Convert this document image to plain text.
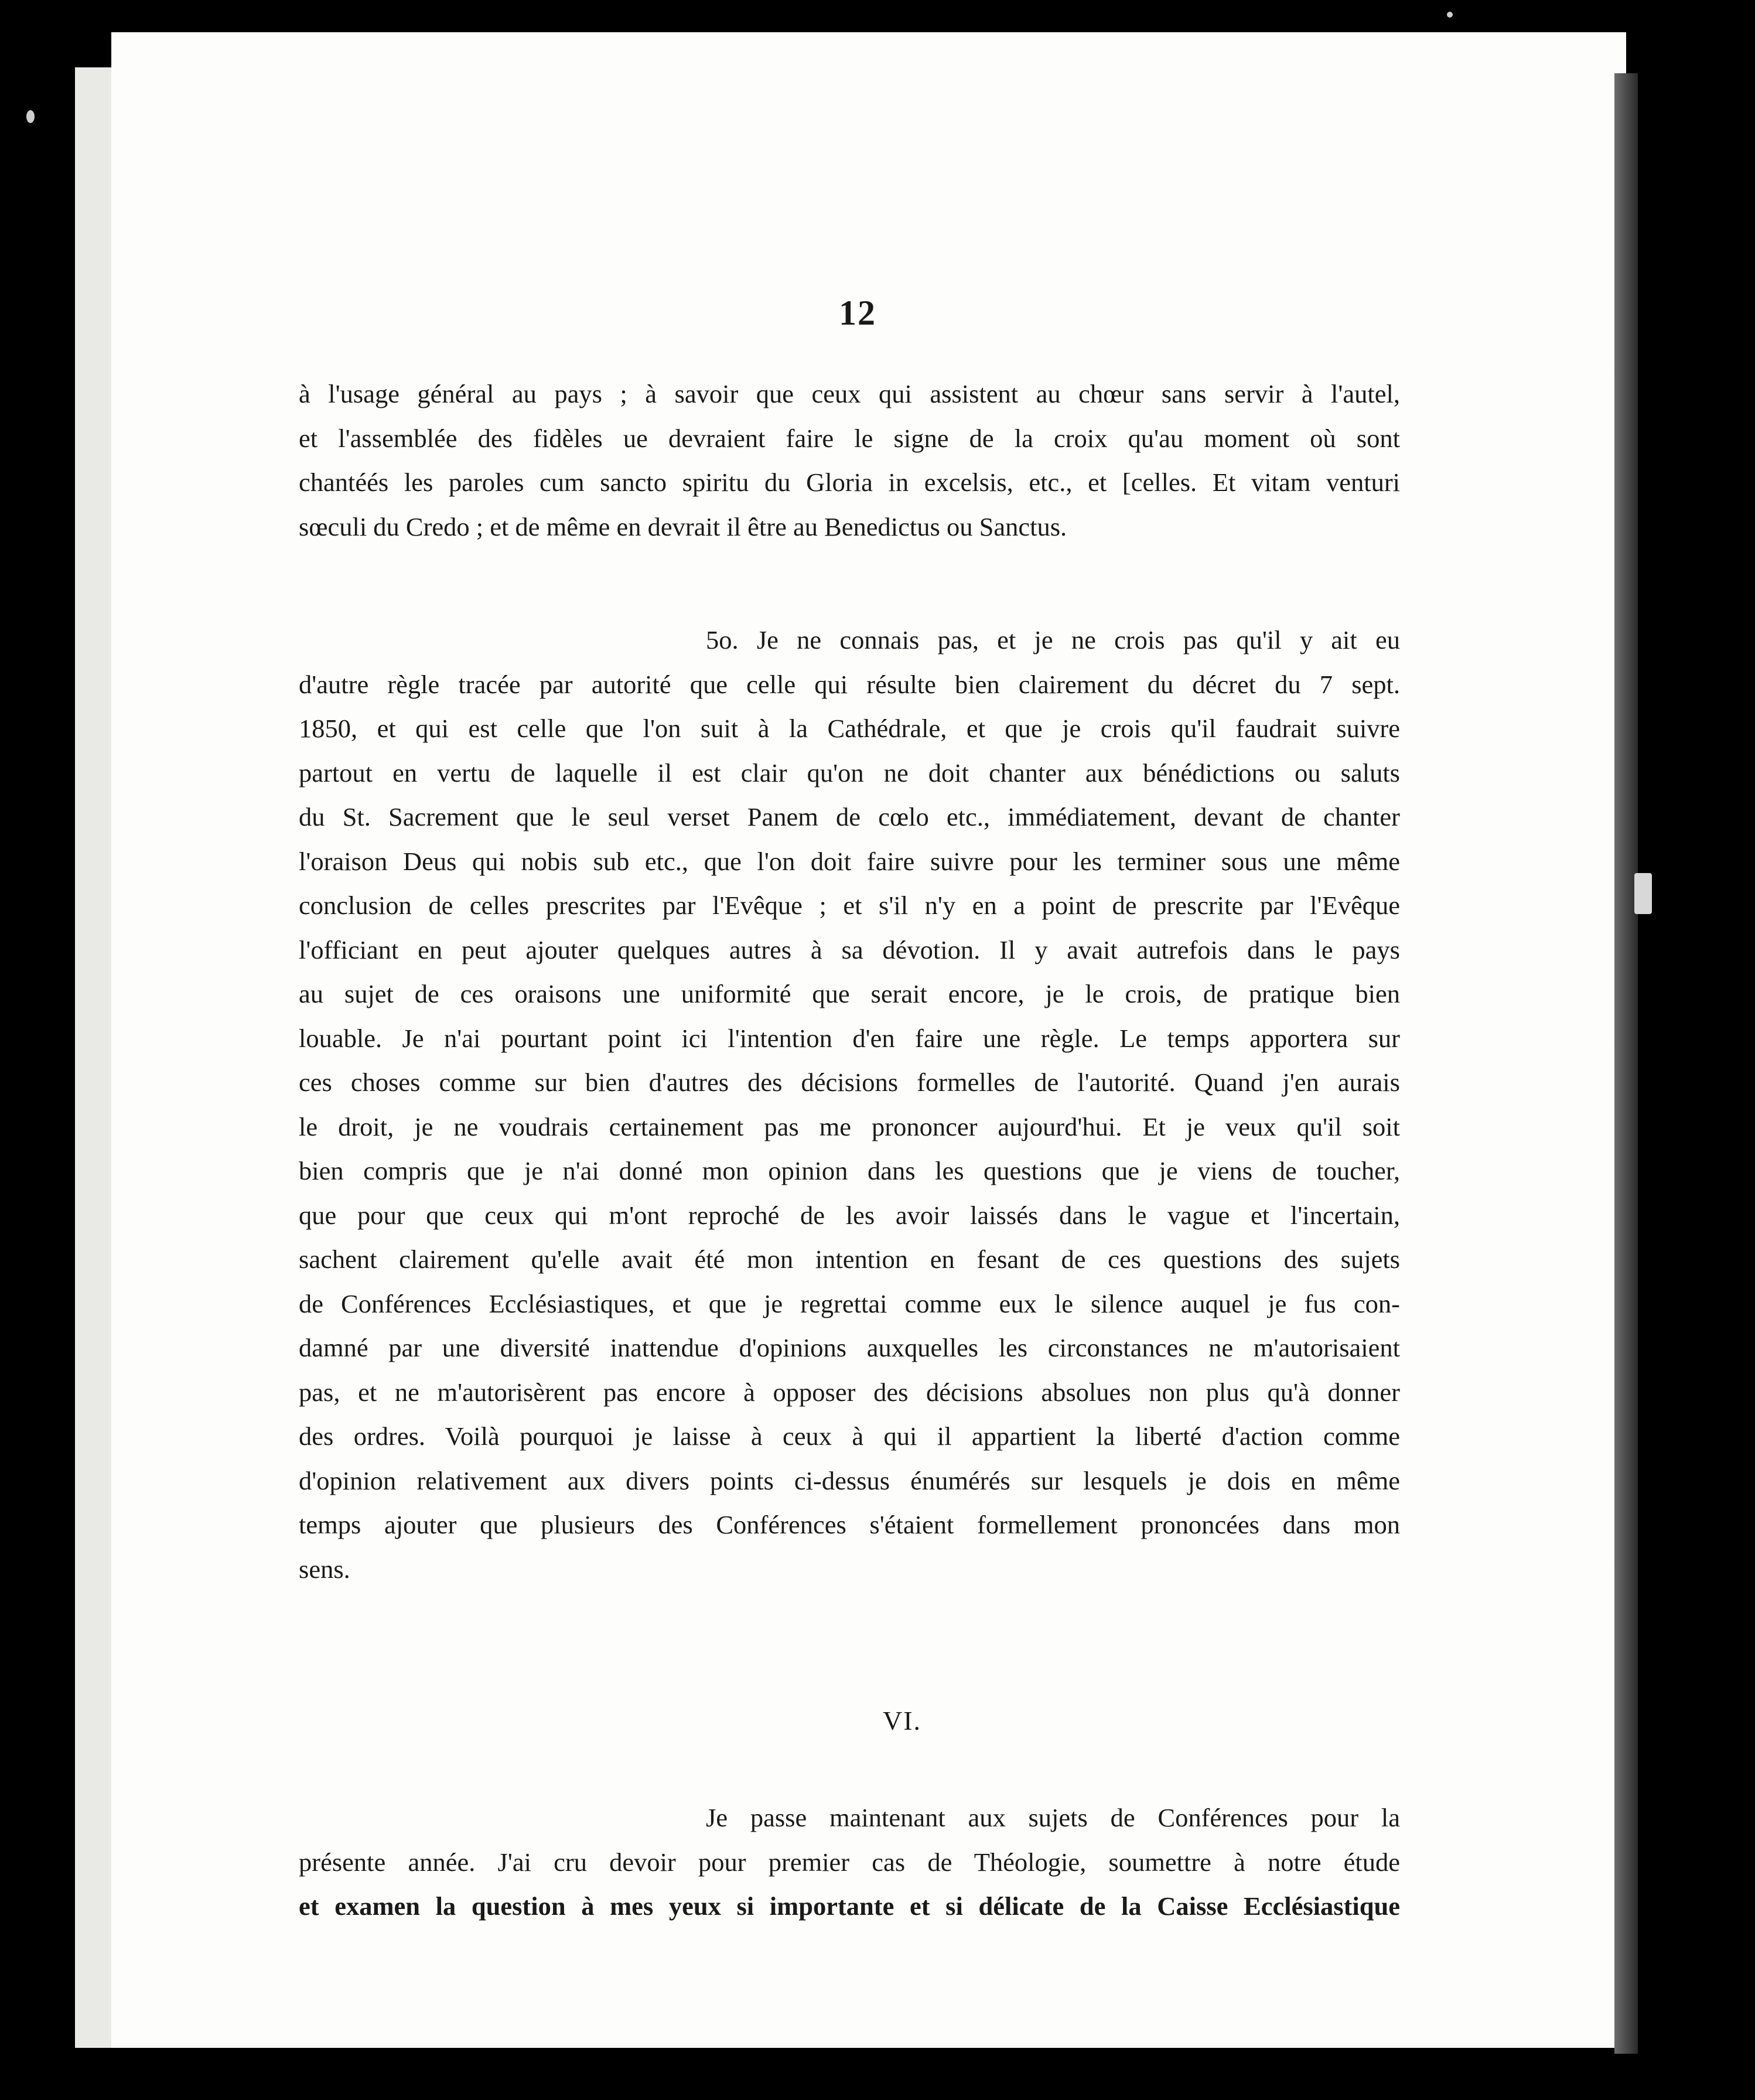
12
à l'usage général au pays ; à savoir que ceux qui assistent au chœur sans servir à l'autel,
et l'assemblée des fidèles ue devraient faire le signe de la croix qu'au moment où sont
chantéés les paroles cum sancto spiritu du Gloria in excelsis, etc., et [celles. Et vitam venturi
sœculi du Credo ; et de même en devrait il être au Benedictus ou Sanctus.
5o. Je ne connais pas, et je ne crois pas qu'il y ait eu
d'autre règle tracée par autorité que celle qui résulte bien clairement du décret du 7 sept.
1850, et qui est celle que l'on suit à la Cathédrale, et que je crois qu'il faudrait suivre
partout en vertu de laquelle il est clair qu'on ne doit chanter aux bénédictions ou saluts
du St. Sacrement que le seul verset Panem de cœlo etc., immédiatement, devant de chanter
l'oraison Deus qui nobis sub etc., que l'on doit faire suivre pour les terminer sous une même
conclusion de celles prescrites par l'Evêque ; et s'il n'y en a point de prescrite par l'Evêque
l'officiant en peut ajouter quelques autres à sa dévotion. Il y avait autrefois dans le pays
au sujet de ces oraisons une uniformité que serait encore, je le crois, de pratique bien
louable. Je n'ai pourtant point ici l'intention d'en faire une règle. Le temps apportera sur
ces choses comme sur bien d'autres des décisions formelles de l'autorité. Quand j'en aurais
le droit, je ne voudrais certainement pas me prononcer aujourd'hui. Et je veux qu'il soit
bien compris que je n'ai donné mon opinion dans les questions que je viens de toucher,
que pour que ceux qui m'ont reproché de les avoir laissés dans le vague et l'incertain,
sachent clairement qu'elle avait été mon intention en fesant de ces questions des sujets
de Conférences Ecclésiastiques, et que je regrettai comme eux le silence auquel je fus con-
damné par une diversité inattendue d'opinions auxquelles les circonstances ne m'autorisaient
pas, et ne m'autorisèrent pas encore à opposer des décisions absolues non plus qu'à donner
des ordres. Voilà pourquoi je laisse à ceux à qui il appartient la liberté d'action comme
d'opinion relativement aux divers points ci-dessus énumérés sur lesquels je dois en même
temps ajouter que plusieurs des Conférences s'étaient formellement prononcées dans mon
sens.
VI.
Je passe maintenant aux sujets de Conférences pour la
présente année. J'ai cru devoir pour premier cas de Théologie, soumettre à notre étude
et examen la question à mes yeux si importante et si délicate de la Caisse Ecclésiastique
